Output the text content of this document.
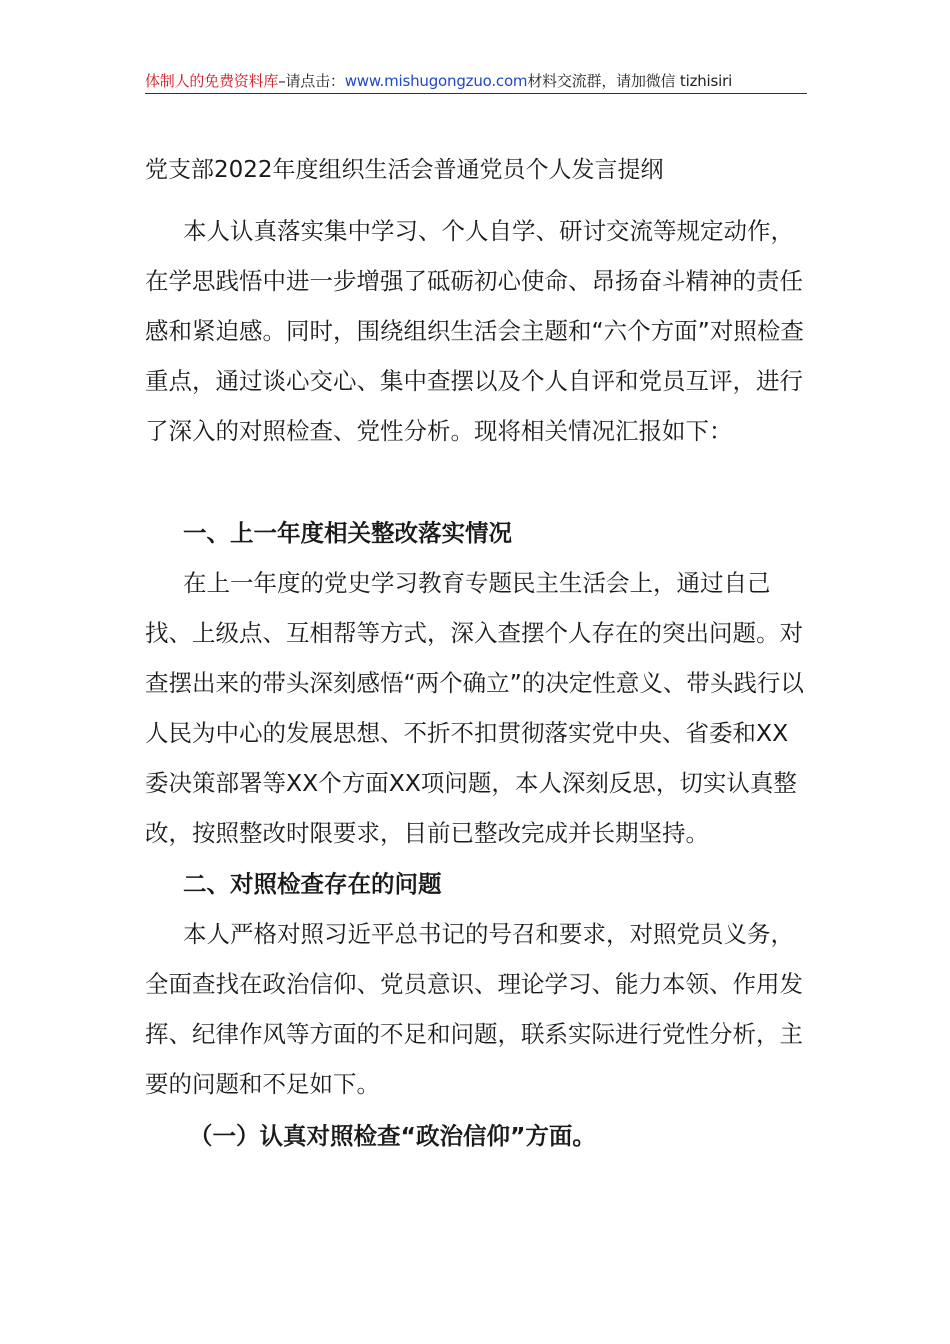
体制人的免费资料库–请点击：www.mishugongzuo.com材料交流群，请加微信 tizhisiri
党支部2022年度组织生活会普通党员个人发言提纲

本人认真落实集中学习、个人自学、研讨交流等规定动作，在学思践悟中进一步增强了砥砺初心使命、昂扬奋斗精神的责任感和紧迫感。同时，围绕组织生活会主题和“六个方面”对照检查重点，通过谈心交心、集中查摆以及个人自评和党员互评，进行了深入的对照检查、党性分析。现将相关情况汇报如下：

一、上一年度相关整改落实情况

在上一年度的党史学习教育专题民主生活会上，通过自己找、上级点、互相帮等方式，深入查摆个人存在的突出问题。对查摆出来的带头深刻感悟“两个确立”的决定性意义、带头践行以人民为中心的发展思想、不折不扣贯彻落实党中央、省委和XX委决策部署等XX个方面XX项问题，本人深刻反思，切实认真整改，按照整改时限要求，目前已整改完成并长期坚持。

二、对照检查存在的问题

本人严格对照习近平总书记的号召和要求，对照党员义务，全面查找在政治信仰、党员意识、理论学习、能力本领、作用发挥、纪律作风等方面的不足和问题，联系实际进行党性分析，主要的问题和不足如下。

（一）认真对照检查“政治信仰”方面。
